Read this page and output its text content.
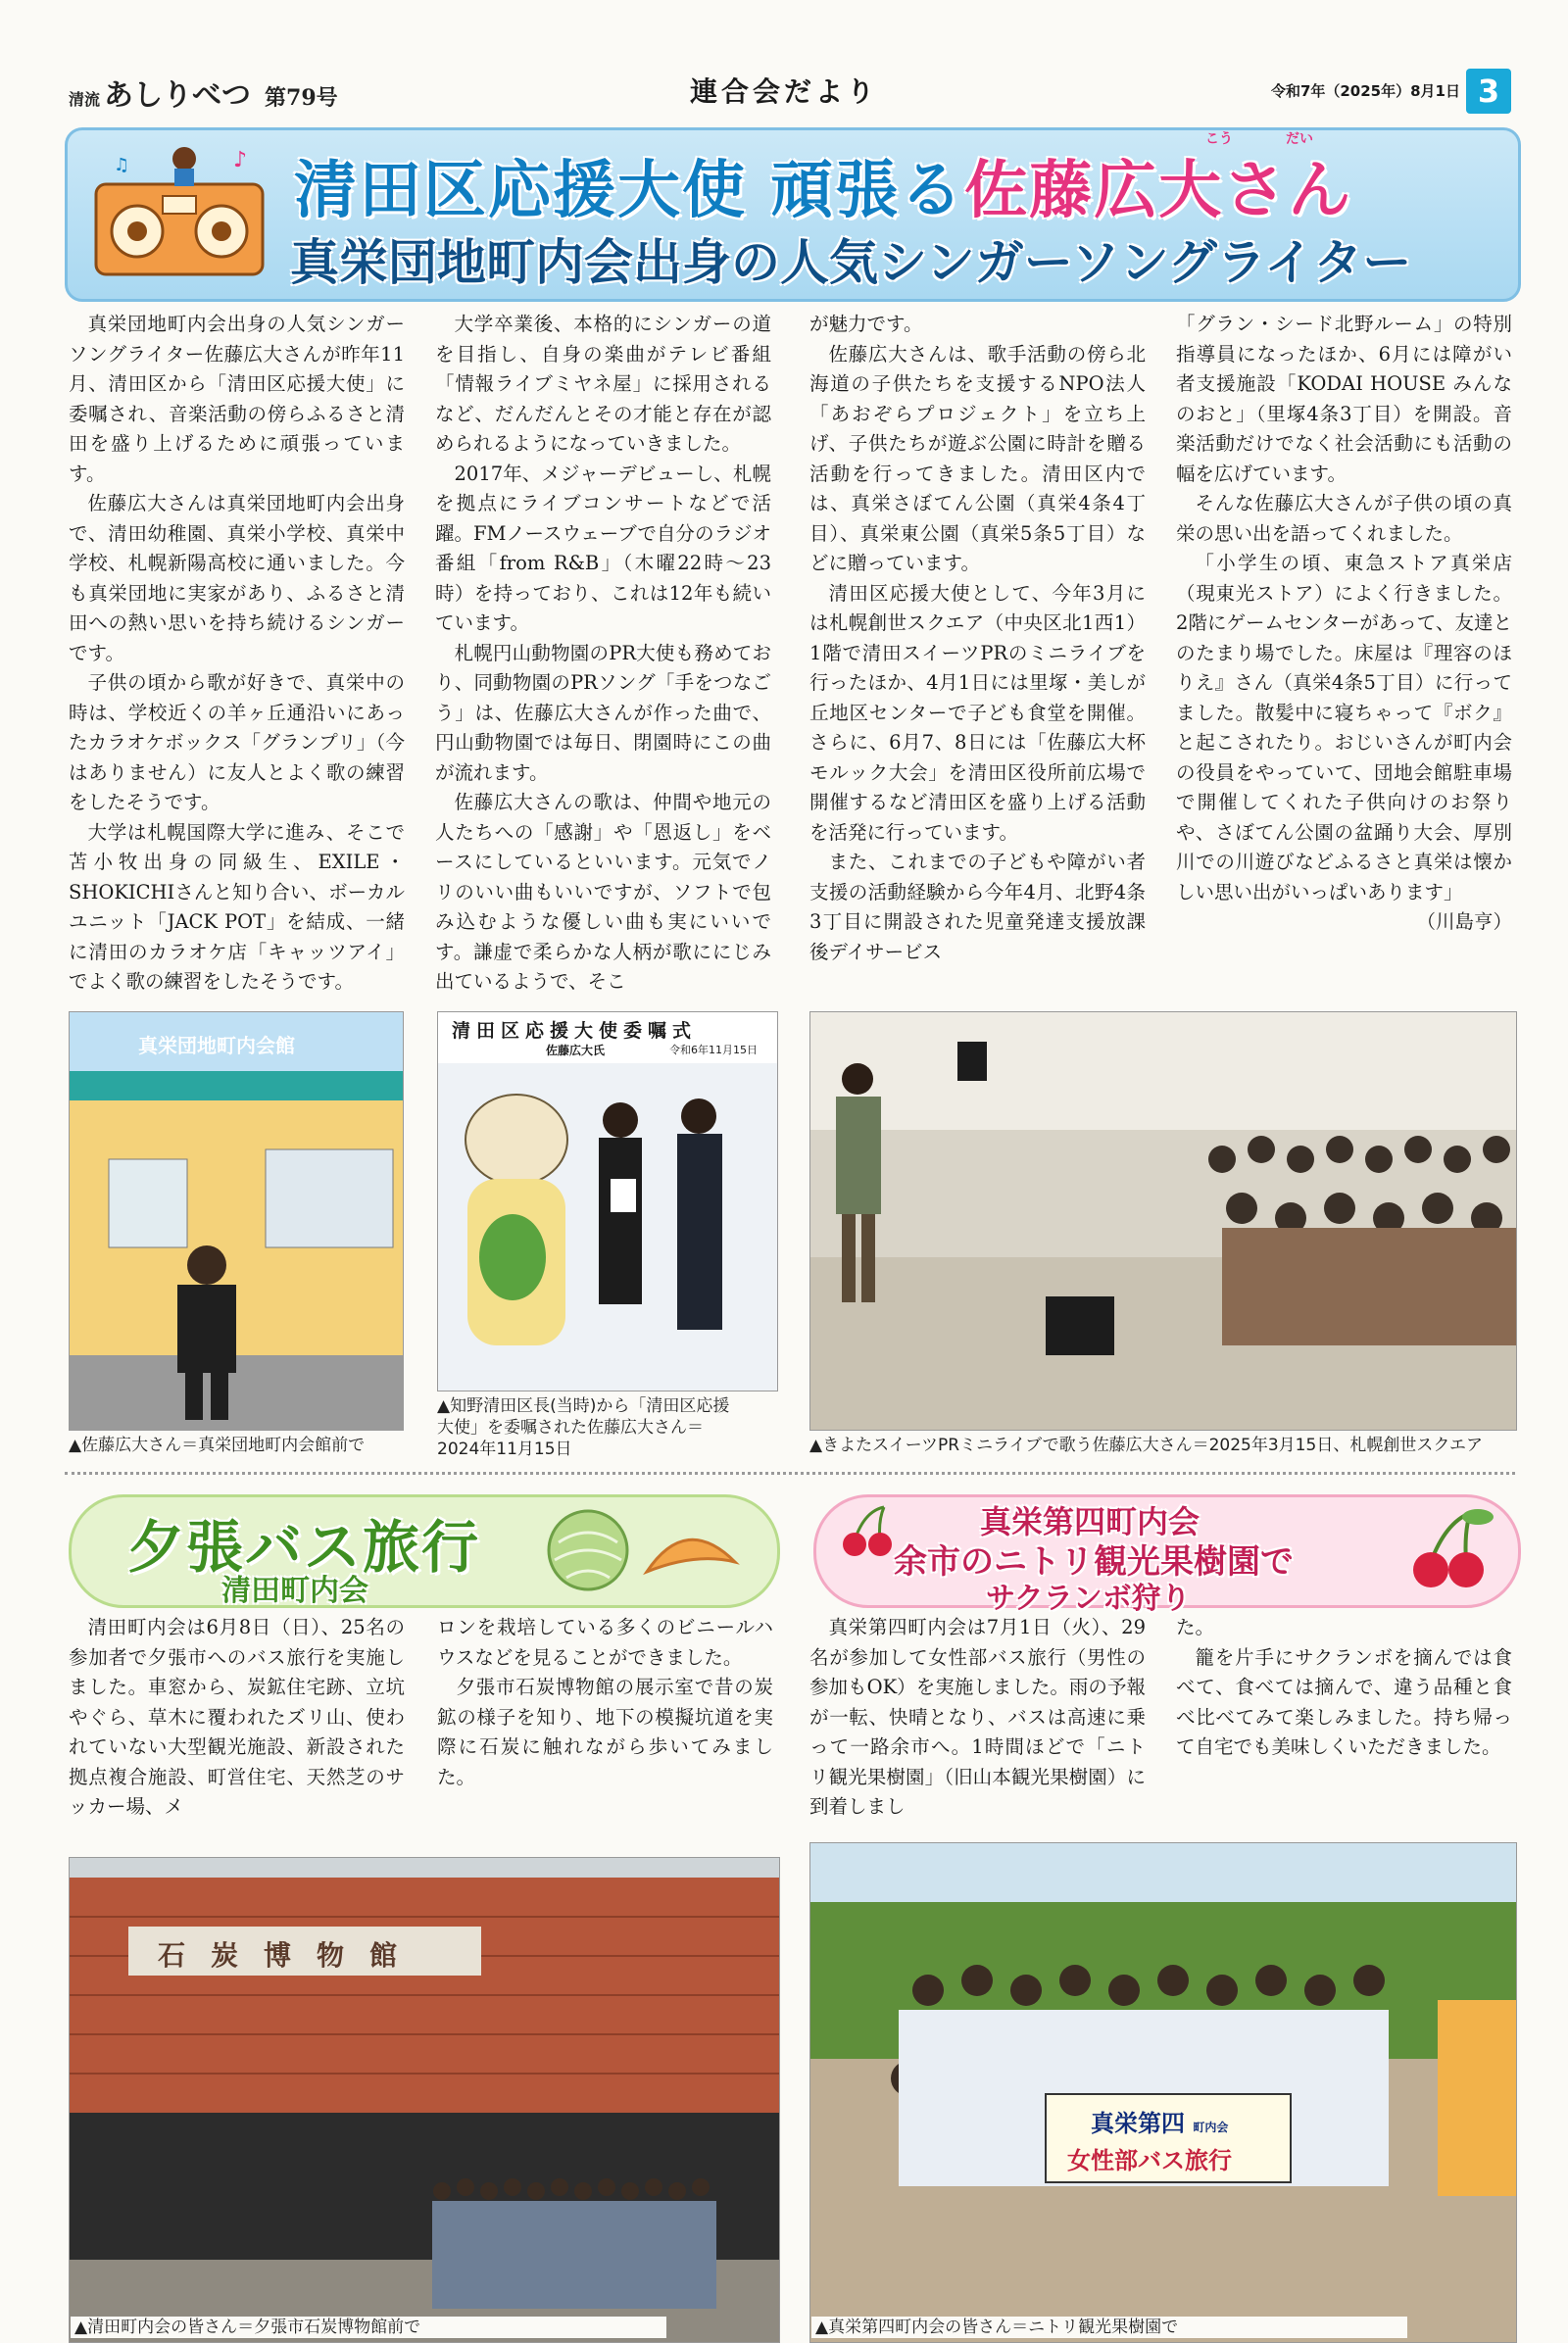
清流 あしりべつ 第79号	連合会だより	令和7年（2025年）8月1日 3
♪
♫
こう	だい
清田区応援大使 頑張る佐藤広大さん
真栄団地町内会出身の人気シンガーソングライター

真栄団地町内会出身の人気シンガーソングライター佐藤広大さんが昨年11月、清田区から「清田区応援大使」に委嘱され、音楽活動の傍らふるさと清田を盛り上げるために頑張っています。

佐藤広大さんは真栄団地町内会出身で、清田幼稚園、真栄小学校、真栄中学校、札幌新陽高校に通いました。今も真栄団地に実家があり、ふるさと清田への熱い思いを持ち続けるシンガーです。

子供の頃から歌が好きで、真栄中の時は、学校近くの羊ヶ丘通沿いにあったカラオケボックス「グランプリ」（今はありません）に友人とよく歌の練習をしたそうです。

大学は札幌国際大学に進み、そこで苫小牧出身の同級生、EXILE・SHOKICHIさんと知り合い、ボーカルユニット「JACK POT」を結成、一緒に清田のカラオケ店「キャッツアイ」でよく歌の練習をしたそうです。

大学卒業後、本格的にシンガーの道を目指し、自身の楽曲がテレビ番組「情報ライブミヤネ屋」に採用されるなど、だんだんとその才能と存在が認められるようになっていきました。

2017年、メジャーデビューし、札幌を拠点にライブコンサートなどで活躍。FMノースウェーブで自分のラジオ番組「from R&B」（木曜22時～23時）を持っており、これは12年も続いています。

札幌円山動物園のPR大使も務めており、同動物園のPRソング「手をつなごう」は、佐藤広大さんが作った曲で、円山動物園では毎日、閉園時にこの曲が流れます。

佐藤広大さんの歌は、仲間や地元の人たちへの「感謝」や「恩返し」をベースにしているといいます。元気でノリのいい曲もいいですが、ソフトで包み込むような優しい曲も実にいいです。謙虚で柔らかな人柄が歌ににじみ出ているようで、そこ

が魅力です。

佐藤広大さんは、歌手活動の傍ら北海道の子供たちを支援するNPO法人「あおぞらプロジェクト」を立ち上げ、子供たちが遊ぶ公園に時計を贈る活動を行ってきました。清田区内では、真栄さぼてん公園（真栄4条4丁目）、真栄東公園（真栄5条5丁目）などに贈っています。

清田区応援大使として、今年3月には札幌創世スクエア（中央区北1西1）1階で清田スイーツPRのミニライブを行ったほか、4月1日には里塚・美しが丘地区センターで子ども食堂を開催。さらに、6月7、8日には「佐藤広大杯モルック大会」を清田区役所前広場で開催するなど清田区を盛り上げる活動を活発に行っています。

また、これまでの子どもや障がい者支援の活動経験から今年4月、北野4条3丁目に開設された児童発達支援放課後デイサービス

「グラン・シード北野ルーム」の特別指導員になったほか、6月には障がい者支援施設「KODAI HOUSE みんなのおと」（里塚4条3丁目）を開設。音楽活動だけでなく社会活動にも活動の幅を広げています。

そんな佐藤広大さんが子供の頃の真栄の思い出を語ってくれました。

「小学生の頃、東急ストア真栄店（現東光ストア）によく行きました。2階にゲームセンターがあって、友達とのたまり場でした。床屋は『理容のほりえ』さん（真栄4条5丁目）に行ってました。散髪中に寝ちゃって『ボク』と起こされたり。おじいさんが町内会の役員をやっていて、団地会館駐車場で開催してくれた子供向けのお祭りや、さぼてん公園の盆踊り大会、厚別川での川遊びなどふるさと真栄は懐かしい思い出がいっぱいあります」

（川島亨）

真栄団地町内会館
▲佐藤広大さん＝真栄団地町内会館前で
清田区応援大使委嘱式
佐藤広大氏	令和6年11月15日
▲知野清田区長(当時)から「清田区応援
大使」を委嘱された佐藤広大さん＝
2024年11月15日	▲きよたスイーツPRミニライブで歌う佐藤広大さん＝2025年3月15日、札幌創世スクエア
夕張バス旅行
清田町内会
真栄第四町内会
余市のニトリ観光果樹園で
サクランボ狩り

清田町内会は6月8日（日）、25名の参加者で夕張市へのバス旅行を実施しました。車窓から、炭鉱住宅跡、立坑やぐら、草木に覆われたズリ山、使われていない大型観光施設、新設された拠点複合施設、町営住宅、天然芝のサッカー場、メ

ロンを栽培している多くのビニールハウスなどを見ることができました。

夕張市石炭博物館の展示室で昔の炭鉱の様子を知り、地下の模擬坑道を実際に石炭に触れながら歩いてみました。

真栄第四町内会は7月1日（火）、29名が参加して女性部バス旅行（男性の参加もOK）を実施しました。雨の予報が一転、快晴となり、バスは高速に乗って一路余市へ。1時間ほどで「ニトリ観光果樹園」（旧山本観光果樹園）に到着しまし

た。

籠を片手にサクランボを摘んでは食べて、食べては摘んで、違う品種と食べ比べてみて楽しみました。持ち帰って自宅でも美味しくいただきました。

石炭博物館
真栄第四 町内会
女性部バス旅行
▲清田町内会の皆さん＝夕張市石炭博物館前で	▲真栄第四町内会の皆さん＝ニトリ観光果樹園で
